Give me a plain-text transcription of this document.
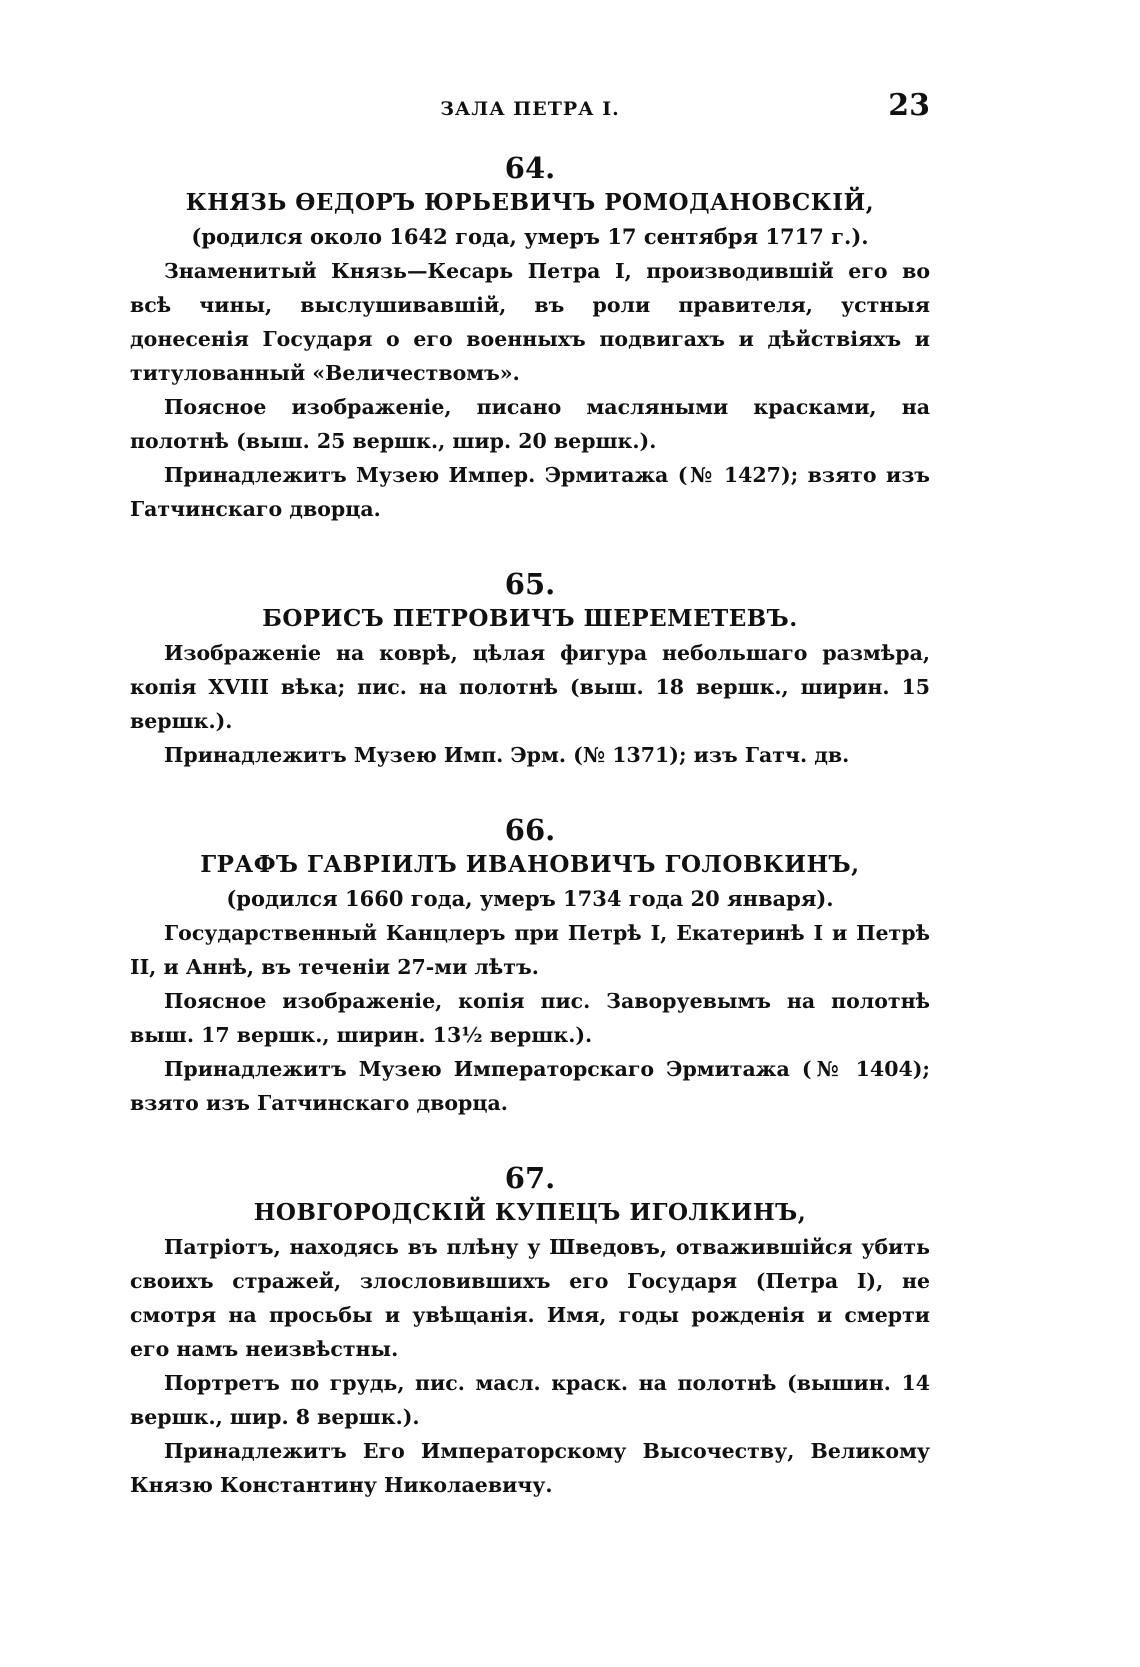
ЗАЛА ПЕТРА I.	23
64.
КНЯЗЬ ѲЕДОРЪ ЮРЬЕВИЧЪ РОМОДАНОВСКІЙ,
(родился около 1642 года, умеръ 17 сентября 1717 г.).

Знаменитый Князь—Кесарь Петра I, производившій его во всѣ чины, выслушивавшій, въ роли правителя, устныя донесенія Государя о его военныхъ подвигахъ и дѣйствіяхъ и титулованный «Величествомъ».

Поясное изображеніе, писано масляными красками, на полотнѣ (выш. 25 вершк., шир. 20 вершк.).

Принадлежитъ Музею Импер. Эрмитажа (№ 1427); взято изъ Гатчинскаго дворца.

65.
БОРИСЪ ПЕТРОВИЧЪ ШЕРЕМЕТЕВЪ.

Изображеніе на коврѣ, цѣлая фигура небольшаго размѣра, копія XVIII вѣка; пис. на полотнѣ (выш. 18 вершк., ширин. 15 вершк.).

Принадлежитъ Музею Имп. Эрм. (№ 1371); изъ Гатч. дв.

66.
ГРАФЪ ГАВРІИЛЪ ИВАНОВИЧЪ ГОЛОВКИНЪ,
(родился 1660 года, умеръ 1734 года 20 января).

Государственный Канцлеръ при Петрѣ I, Екатеринѣ I и Петрѣ II, и Аннѣ, въ теченіи 27-ми лѣтъ.

Поясное изображеніе, копія пис. Заворуевымъ на полотнѣ выш. 17 вершк., ширин. 13½ вершк.).

Принадлежитъ Музею Императорскаго Эрмитажа (№ 1404); взято изъ Гатчинскаго дворца.

67.
НОВГОРОДСКІЙ КУПЕЦЪ ИГОЛКИНЪ,

Патріотъ, находясь въ плѣну у Шведовъ, отважившійся убить своихъ стражей, злословившихъ его Государя (Петра I), не смотря на просьбы и увѣщанія. Имя, годы рожденія и смерти его намъ неизвѣстны.

Портретъ по грудь, пис. масл. краск. на полотнѣ (вышин. 14 вершк., шир. 8 вершк.).

Принадлежитъ Его Императорскому Высочеству, Великому Князю Константину Николаевичу.
